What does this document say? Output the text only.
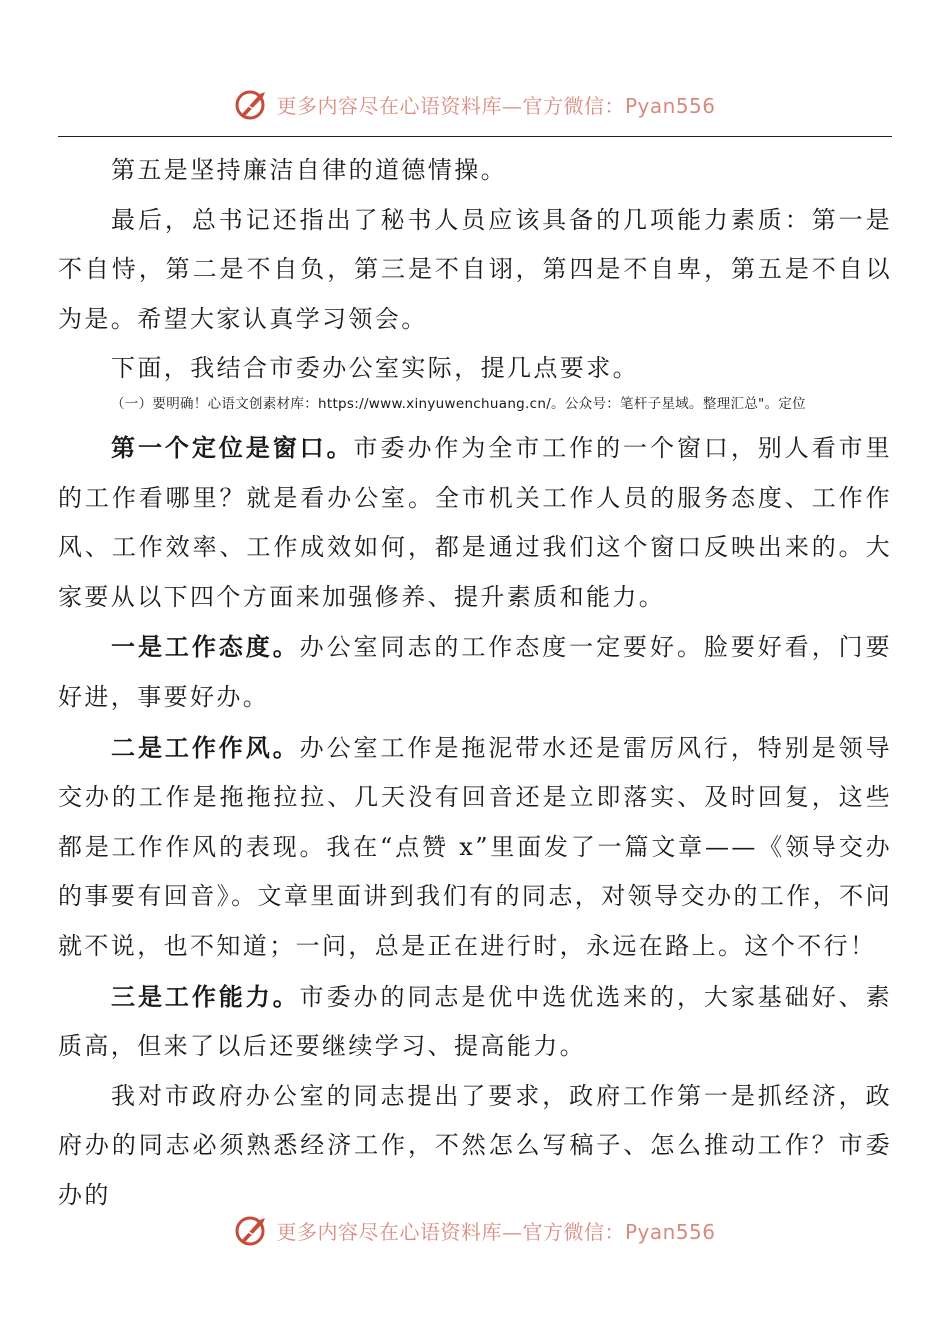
更多内容尽在心语资料库—官方微信：Pyan556

第五是坚持廉洁自律的道德情操。

最后，总书记还指出了秘书人员应该具备的几项能力素质：第一是不自恃，第二是不自负，第三是不自诩，第四是不自卑，第五是不自以为是。希望大家认真学习领会。

下面，我结合市委办公室实际，提几点要求。

（一）要明确！心语文创素材库：https://www.xinyuwenchuang.cn/。公众号：笔杆子星域。整理汇总"。定位

第一个定位是窗口。市委办作为全市工作的一个窗口，别人看市里的工作看哪里？就是看办公室。全市机关工作人员的服务态度、工作作风、工作效率、工作成效如何，都是通过我们这个窗口反映出来的。大家要从以下四个方面来加强修养、提升素质和能力。

一是工作态度。办公室同志的工作态度一定要好。脸要好看，门要好进，事要好办。

二是工作作风。办公室工作是拖泥带水还是雷厉风行，特别是领导交办的工作是拖拖拉拉、几天没有回音还是立即落实、及时回复，这些都是工作作风的表现。我在“点赞 x”里面发了一篇文章——《领导交办的事要有回音》。文章里面讲到我们有的同志，对领导交办的工作，不问就不说，也不知道；一问，总是正在进行时，永远在路上。这个不行！

三是工作能力。市委办的同志是优中选优选来的，大家基础好、素质高，但来了以后还要继续学习、提高能力。

我对市政府办公室的同志提出了要求，政府工作第一是抓经济，政府办的同志必须熟悉经济工作，不然怎么写稿子、怎么推动工作？市委办的

更多内容尽在心语资料库—官方微信：Pyan556
